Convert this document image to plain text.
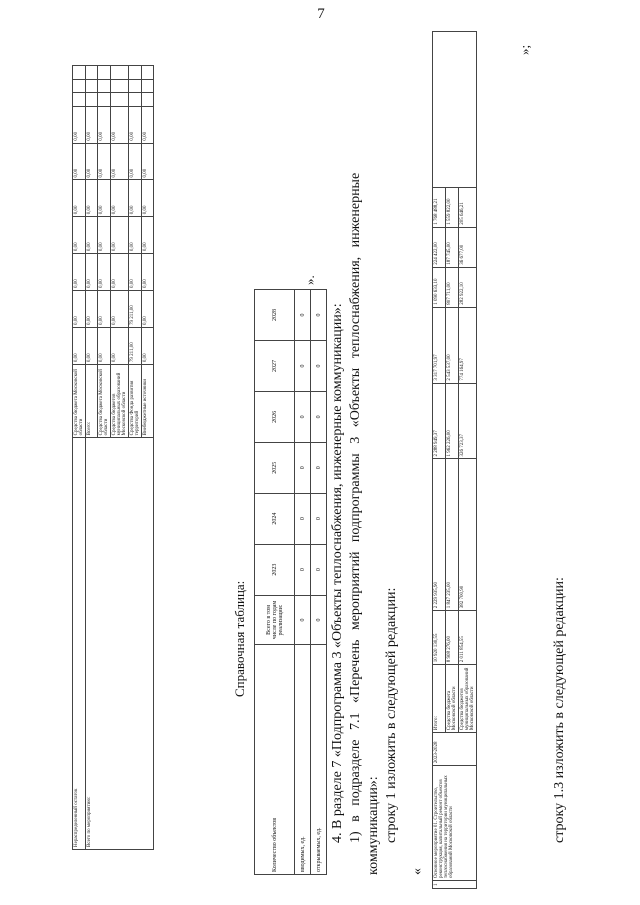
7
Нераспределенный остаток	Средства бюджета Московской области	0,00	0,00	0,00	0,00	0,00	0,00	0,00			
Всего по мероприятию:	Всего:	0,00	0,00	0,00	0,00	0,00	0,00	0,00			
	Средства бюджета Московской области	0,00	0,00	0,00	0,00	0,00	0,00	0,00			
	Средства бюджетов муниципальных образований Московской области	0,00	0,00	0,00	0,00	0,00	0,00	0,00			
	Средства Фонда развития территорий	79 211,00	79 211,00	0,00	0,00	0,00	0,00	0,00			
	Внебюджетные источники	0,00	0,00	0,00	0,00	0,00	0,00	0,00			
Справочная таблица:
Количество объектов	Всего в том числе по годам реализации:	2023	2024	2025	2026	2027	2028
вводимых, ед.	0	0	0	0	0	0	0
открываемых, ед.	0	0	0	0	0	0	0
».
4. В разделе 7 «Подпрограмма 3 «Объекты теплоснабжения, инженерные коммуникации»: 1) в подразделе 7.1 «Перечень мероприятий подпрограммы 3 «Объекты теплоснабжения, инженерные коммуникации»: строку 1 изложить в следующей редакции:
«
1	Основное мероприятие 01. Строительство, реконструкция, капитальный ремонт объектов теплоснабжения на территории муниципальных образований Московской области	2023-2028	Итого:	10 920 130,55	2 229 935,90	2 288 949,37	3 317 701,97	1 090 633,10	224 422,00	1 768 488,21	
			Средства бюджета Московской области	8 908 276,00	1 847 235,00	1 962 226,00	2 543 537,00	807 711,00	187 745,00	1 559 822,00	
			Средства бюджетов муниципальных образований Московской области	2 011 854,55	382 700,90	326 723,37	774 164,97	282 922,10	36 677,00	205 646,21	
»;
строку 1.3 изложить в следующей редакции:
